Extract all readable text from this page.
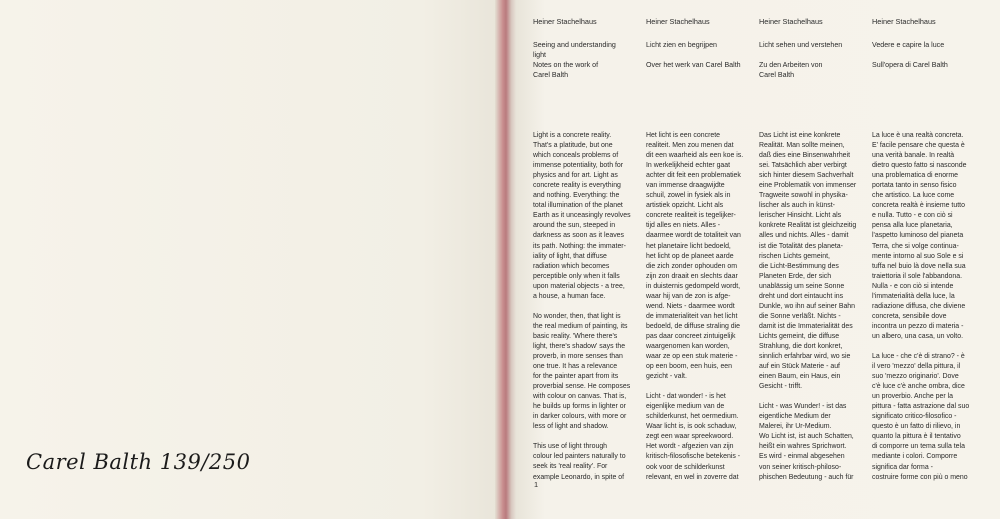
Carel Balth 139/250
Heiner Stachelhaus
Seeing and understanding
light
Notes on the work of
Carel Balth

Light is a concrete reality.
That's a platitude, but one
which conceals problems of
immense potentiality, both for
physics and for art. Light as
concrete reality is everything
and nothing. Everything: the
total illumination of the planet
Earth as it unceasingly revolves
around the sun, steeped in
darkness as soon as it leaves
its path. Nothing: the immater-
iality of light, that diffuse
radiation which becomes
perceptible only when it falls
upon material objects - a tree,
a house, a human face.

No wonder, then, that light is
the real medium of painting, its
basic reality. 'Where there's
light, there's shadow' says the
proverb, in more senses than
one true. It has a relevance
for the painter apart from its
proverbial sense. He composes
with colour on canvas. That is,
he builds up forms in lighter or
in darker colours, with more or
less of light and shadow.

This use of light through
colour led painters naturally to
seek its 'real reality'. For
example Leonardo, in spite of

Heiner Stachelhaus
Licht zien en begrijpen

Over het werk van Carel Balth

Het licht is een concrete
realiteit. Men zou menen dat
dit een waarheid als een koe is.
In werkelijkheid echter gaat
achter dit feit een problematiek
van immense draagwijdte
schuil, zowel in fysiek als in
artistiek opzicht. Licht als
concrete realiteit is tegelijker-
tijd alles en niets. Alles -
daarmee wordt de totaliteit van
het planetaire licht bedoeld,
het licht op de planeet aarde
die zich zonder ophouden om
zijn zon draait en slechts daar
in duisternis gedompeld wordt,
waar hij van de zon is afge-
wend. Niets - daarmee wordt
de immaterialiteit van het licht
bedoeld, de diffuse straling die
pas daar concreet zintuigelijk
waargenomen kan worden,
waar ze op een stuk materie -
op een boom, een huis, een
gezicht - valt.

Licht - dat wonder! - is het
eigenlijke medium van de
schilderkunst, het oermedium.
Waar licht is, is ook schaduw,
zegt een waar spreekwoord.
Het wordt - afgezien van zijn
kritisch-filosofische betekenis -
ook voor de schilderkunst
relevant, en wel in zoverre dat

Heiner Stachelhaus
Licht sehen und verstehen

Zu den Arbeiten von
Carel Balth

Das Licht ist eine konkrete
Realität. Man sollte meinen,
daß dies eine Binsenwahrheit
sei. Tatsächlich aber verbirgt
sich hinter diesem Sachverhalt
eine Problematik von immenser
Tragweite sowohl in physika-
lischer als auch in künst-
lerischer Hinsicht. Licht als
konkrete Realität ist gleichzeitig
alles und nichts. Alles - damit
ist die Totalität des planeta-
rischen Lichts gemeint,
die Licht-Bestimmung des
Planeten Erde, der sich
unablässig um seine Sonne
dreht und dort eintaucht ins
Dunkle, wo ihn auf seiner Bahn
die Sonne verläßt. Nichts -
damit ist die Immaterialität des
Lichts gemeint, die diffuse
Strahlung, die dort konkret,
sinnlich erfahrbar wird, wo sie
auf ein Stück Materie - auf
einen Baum, ein Haus, ein
Gesicht - trifft.

Licht - was Wunder! - ist das
eigentliche Medium der
Malerei, ihr Ur-Medium.
Wo Licht ist, ist auch Schatten,
heißt ein wahres Sprichwort.
Es wird - einmal abgesehen
von seiner kritisch-philoso-
phischen Bedeutung - auch für

Heiner Stachelhaus
Vedere e capire la luce

Sull'opera di Carel Balth

La luce è una realtà concreta.
E' facile pensare che questa è
una verità banale. In realtà
dietro questo fatto si nasconde
una problematica di enorme
portata tanto in senso fisico
che artistico. La luce come
concreta realtà è insieme tutto
e nulla. Tutto - e con ciò si
pensa alla luce planetaria,
l'aspetto luminoso del pianeta
Terra, che si volge continua-
mente intorno al suo Sole e si
tuffa nel buio là dove nella sua
traiettoria il sole l'abbandona.
Nulla - e con ciò si intende
l'immaterialità della luce, la
radiazione diffusa, che diviene
concreta, sensibile dove
incontra un pezzo di materia -
un albero, una casa, un volto.

La luce - che c'è di strano? - è
il vero 'mezzo' della pittura, il
suo 'mezzo originario'. Dove
c'è luce c'è anche ombra, dice
un proverbio. Anche per la
pittura - fatta astrazione dal suo
significato critico-filosofico -
questo è un fatto di rilievo, in
quanto la pittura è il tentativo
di comporre un tema sulla tela
mediante i colori. Comporre
significa dar forma -
costruire forme con più o meno

1
